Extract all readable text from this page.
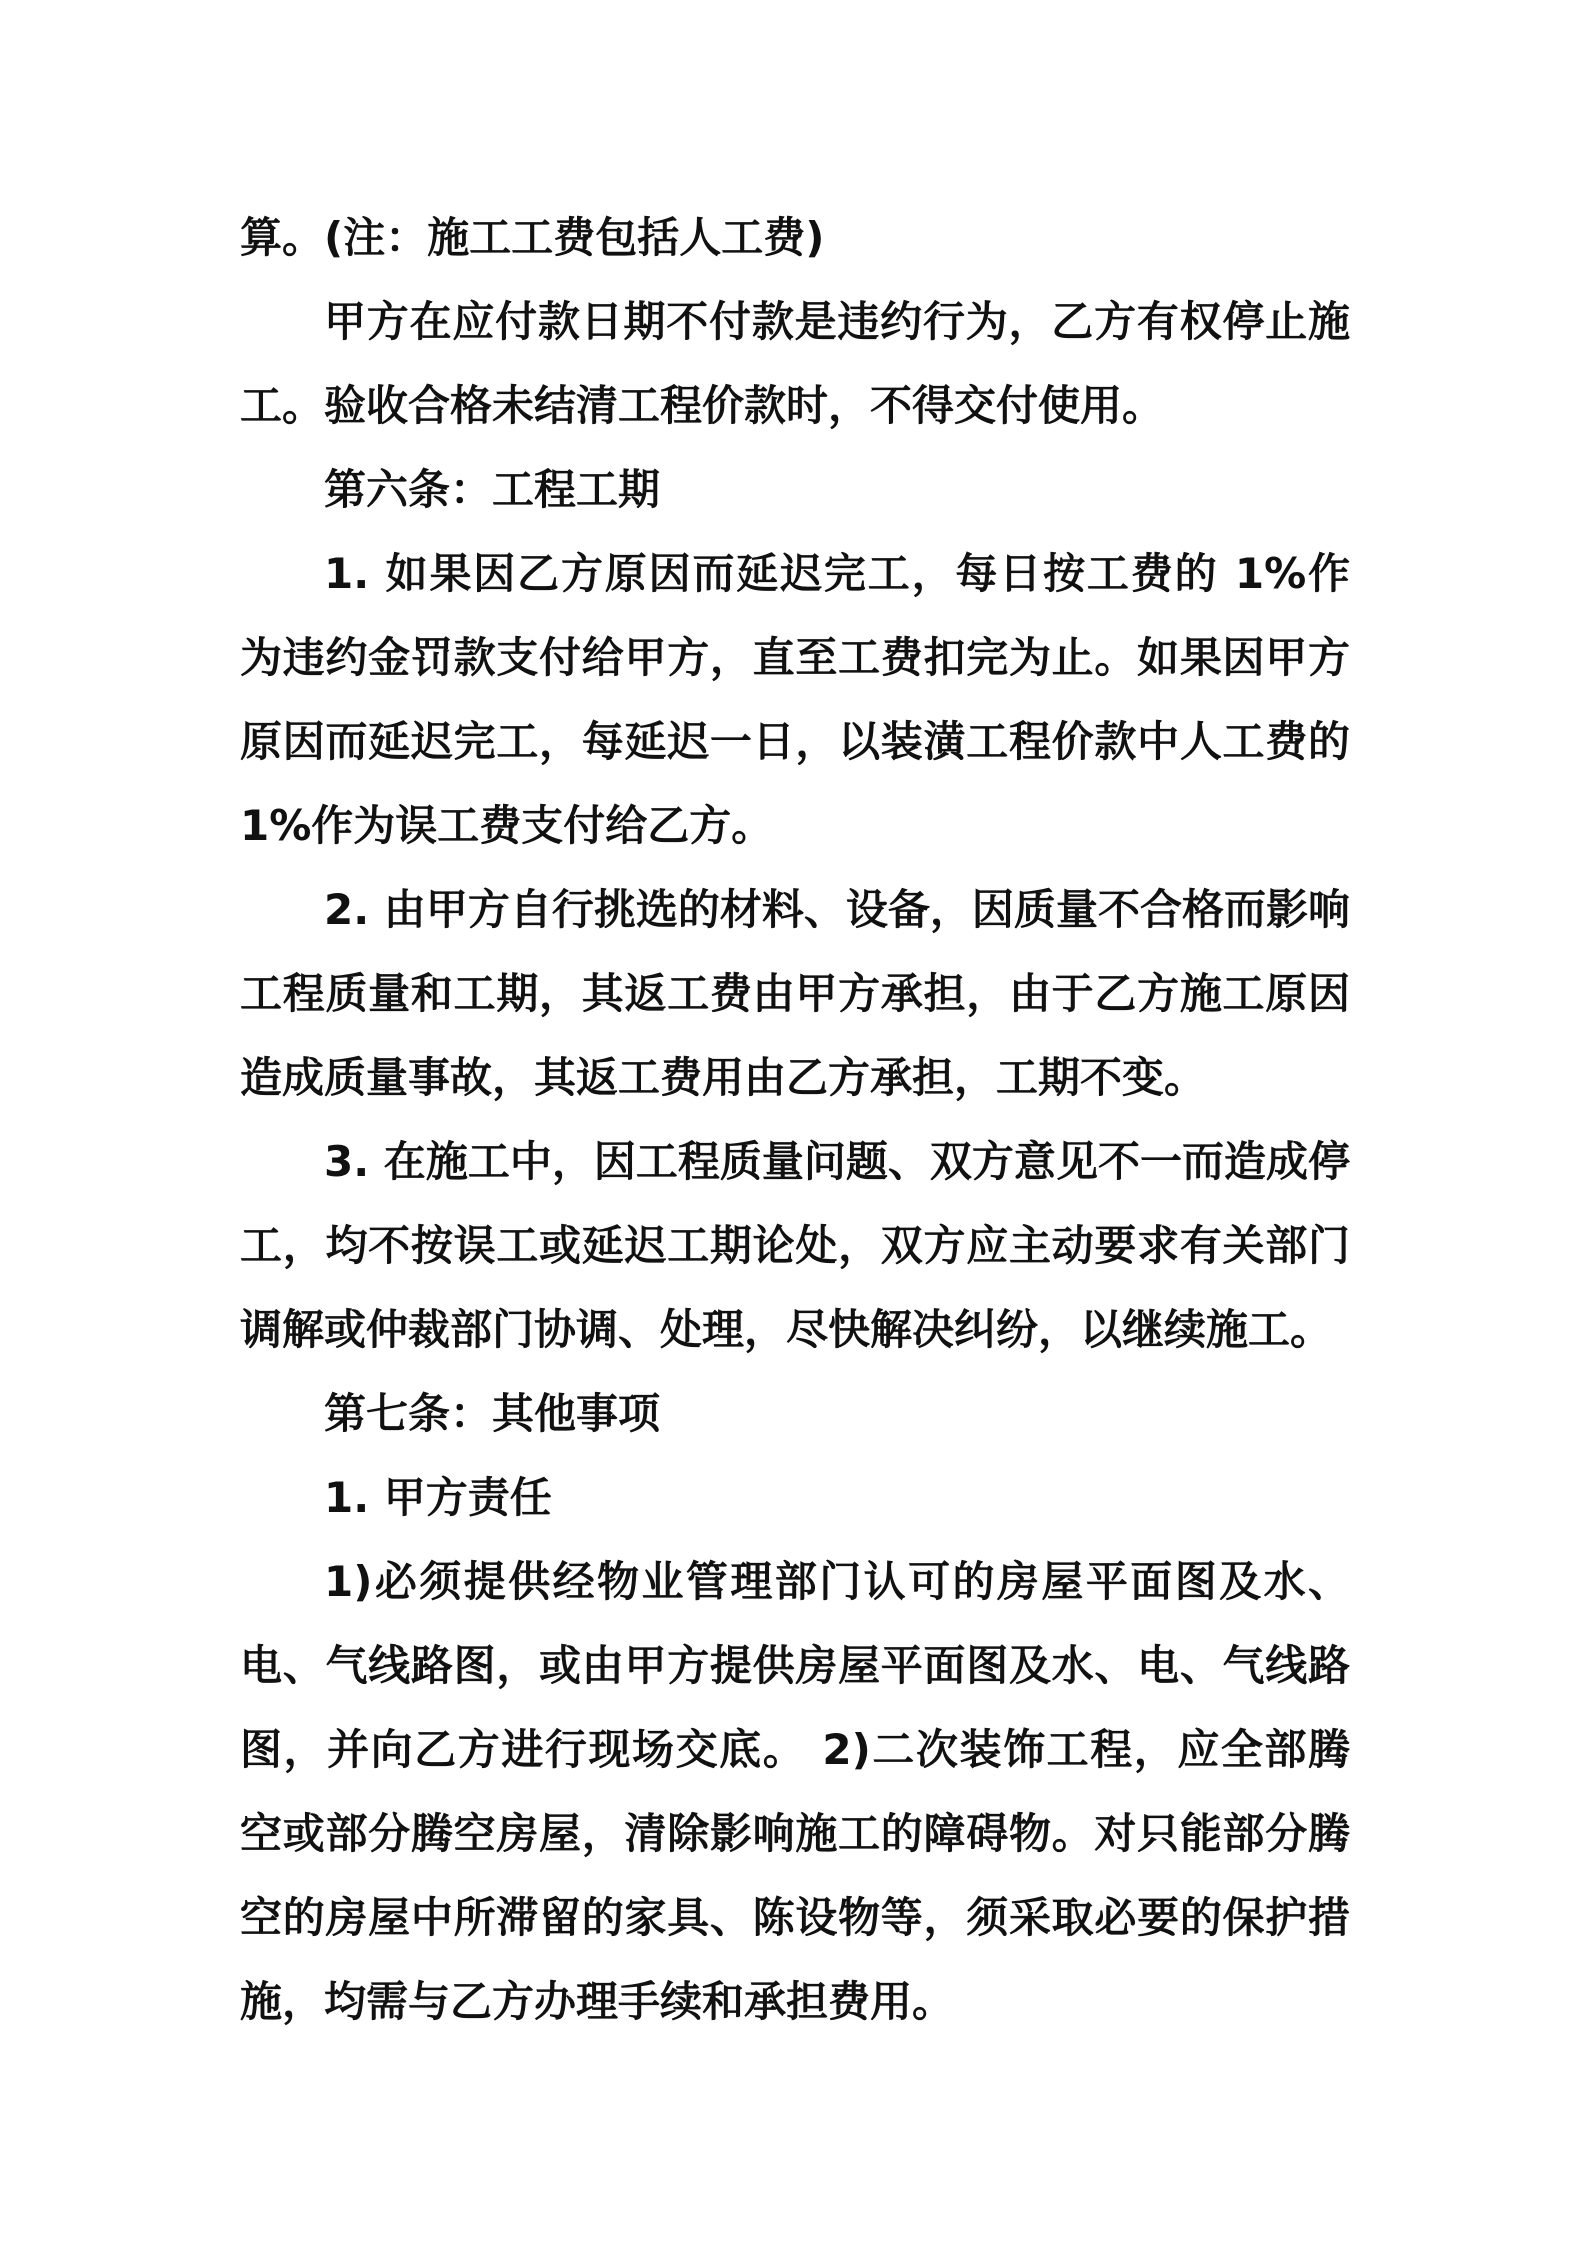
算。(注：施工工费包括人工费)

甲方在应付款日期不付款是违约行为，乙方有权停止施工。验收合格未结清工程价款时，不得交付使用。

第六条：工程工期

1. 如果因乙方原因而延迟完工，每日按工费的 1%作为违约金罚款支付给甲方，直至工费扣完为止。如果因甲方原因而延迟完工，每延迟一日，以装潢工程价款中人工费的 1%作为误工费支付给乙方。

2. 由甲方自行挑选的材料、设备，因质量不合格而影响工程质量和工期，其返工费由甲方承担，由于乙方施工原因造成质量事故，其返工费用由乙方承担，工期不变。

3. 在施工中，因工程质量问题、双方意见不一而造成停工，均不按误工或延迟工期论处，双方应主动要求有关部门调解或仲裁部门协调、处理，尽快解决纠纷，以继续施工。

第七条：其他事项

1. 甲方责任

1)必须提供经物业管理部门认可的房屋平面图及水、电、气线路图，或由甲方提供房屋平面图及水、电、气线路图，并向乙方进行现场交底。 2)二次装饰工程，应全部腾空或部分腾空房屋，清除影响施工的障碍物。对只能部分腾空的房屋中所滞留的家具、陈设物等，须采取必要的保护措施，均需与乙方办理手续和承担费用。
